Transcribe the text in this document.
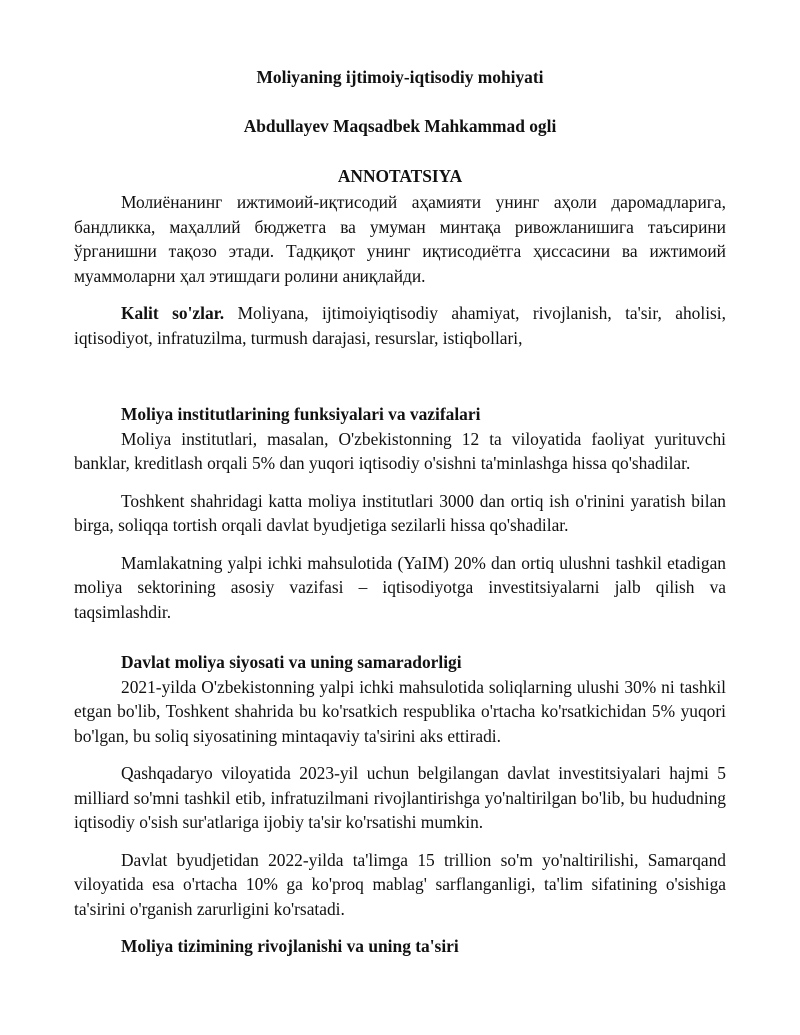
Moliyaning ijtimoiy-iqtisodiy mohiyati
Abdullayev Maqsadbek Mahkammad ogli
ANNOTATSIYA

Молиёнанинг ижтимоий-иқтисодий аҳамияти унинг аҳоли даромадларига, бандликка, маҳаллий бюджетга ва умуман минтақа ривожланишига таъсирини ўрганишни тақозо этади. Тадқиқот унинг иқтисодиётга ҳиссасини ва ижтимоий муаммоларни ҳал этишдаги ролини аниқлайди.

Kalit so'zlar. Moliyana, ijtimoiyiqtisodiy ahamiyat, rivojlanish, ta'sir, aholisi, iqtisodiyot, infratuzilma, turmush darajasi, resurslar, istiqbollari,

Moliya institutlarining funksiyalari va vazifalari

Moliya institutlari, masalan, O'zbekistonning 12 ta viloyatida faoliyat yurituvchi banklar, kreditlash orqali 5% dan yuqori iqtisodiy o'sishni ta'minlashga hissa qo'shadilar.

Toshkent shahridagi katta moliya institutlari 3000 dan ortiq ish o'rinini yaratish bilan birga, soliqqa tortish orqali davlat byudjetiga sezilarli hissa qo'shadilar.

Mamlakatning yalpi ichki mahsulotida (YaIM) 20% dan ortiq ulushni tashkil etadigan moliya sektorining asosiy vazifasi – iqtisodiyotga investitsiyalarni jalb qilish va taqsimlashdir.

Davlat moliya siyosati va uning samaradorligi

2021-yilda O'zbekistonning yalpi ichki mahsulotida soliqlarning ulushi 30% ni tashkil etgan bo'lib, Toshkent shahrida bu ko'rsatkich respublika o'rtacha ko'rsatkichidan 5% yuqori bo'lgan, bu soliq siyosatining mintaqaviy ta'sirini aks ettiradi.

Qashqadaryo viloyatida 2023-yil uchun belgilangan davlat investitsiyalari hajmi 5 milliard so'mni tashkil etib, infratuzilmani rivojlantirishga yo'naltirilgan bo'lib, bu hududning iqtisodiy o'sish sur'atlariga ijobiy ta'sir ko'rsatishi mumkin.

Davlat byudjetidan 2022-yilda ta'limga 15 trillion so'm yo'naltirilishi, Samarqand viloyatida esa o'rtacha 10% ga ko'proq mablag' sarflanganligi, ta'lim sifatining o'sishiga ta'sirini o'rganish zarurligini ko'rsatadi.

Moliya tizimining rivojlanishi va uning ta'siri
